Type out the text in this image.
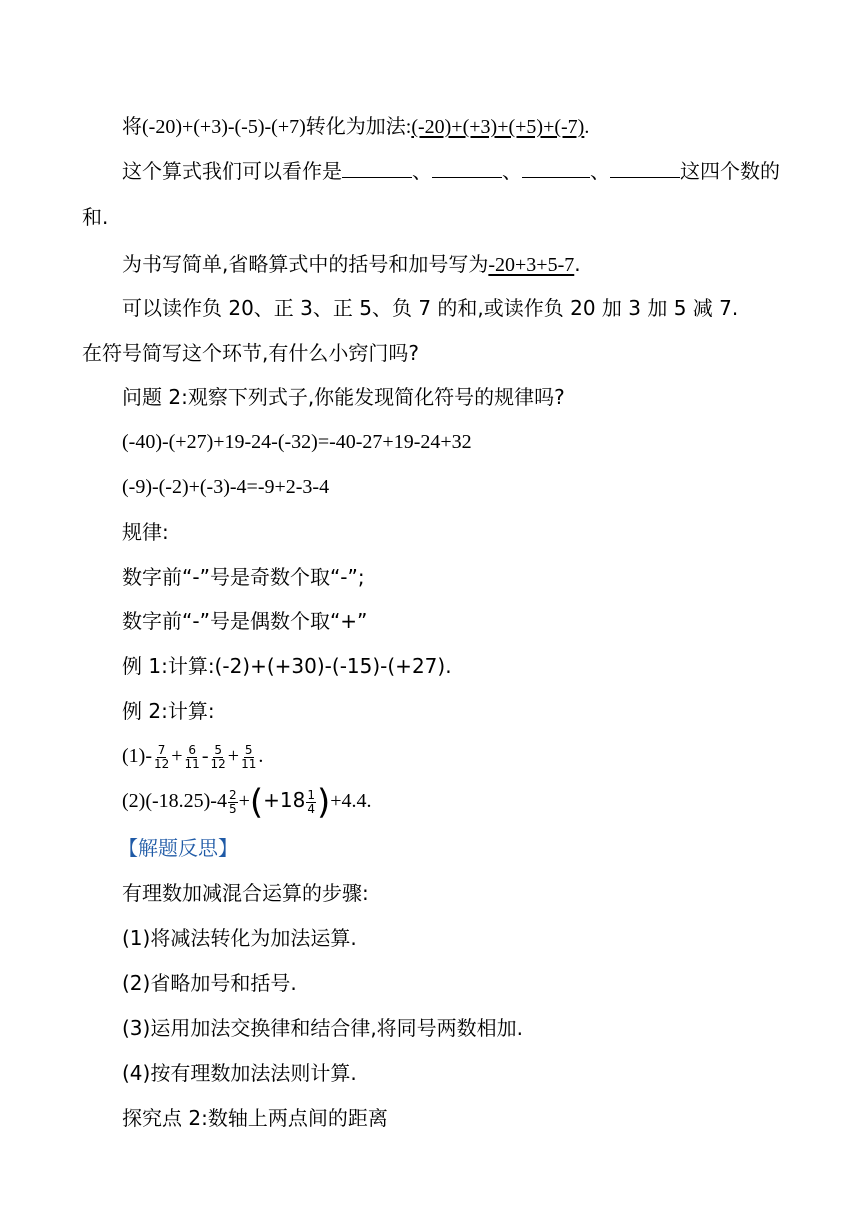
将(-20)+(+3)-(-5)-(+7)转化为加法:(-20)+(+3)+(+5)+(-7).
这个算式我们可以看作是	、	、	、	这四个数的
和.
为书写简单,省略算式中的括号和加号写为-20+3+5-7.
可以读作负 20、正 3、正 5、负 7 的和,或读作负 20 加 3 加 5 减 7.
在符号简写这个环节,有什么小窍门吗?
问题 2:观察下列式子,你能发现简化符号的规律吗?
(-40)-(+27)+19-24-(-32)=-40-27+19-24+32
(-9)-(-2)+(-3)-4=-9+2-3-4
规律:
数字前“-”号是奇数个取“-”;
数字前“-”号是偶数个取“+”
例 1:计算:(-2)+(+30)-(-15)-(+27).
例 2:计算:
$(1)- \frac{7}{12} + \frac{6}{11} - \frac{5}{12} + \frac{5}{11}$ .
$(2)(-18.25)-4 \frac{2}{5} +(+18 \frac{1}{4} )+4.4$.
【解题反思】
有理数加减混合运算的步骤:
(1)将减法转化为加法运算.
(2)省略加号和括号.
(3)运用加法交换律和结合律,将同号两数相加.
(4)按有理数加法法则计算.
探究点 2:数轴上两点间的距离
